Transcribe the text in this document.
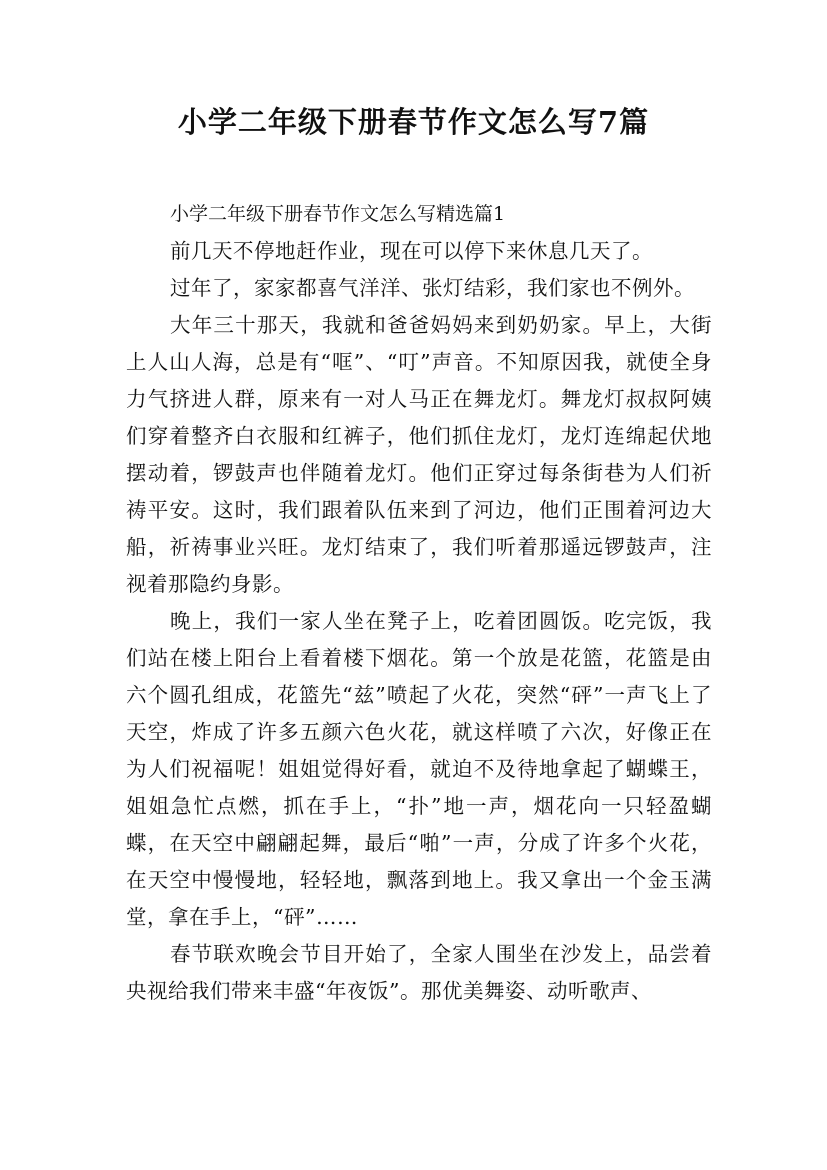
小学二年级下册春节作文怎么写7篇

小学二年级下册春节作文怎么写精选篇1

前几天不停地赶作业，现在可以停下来休息几天了。

过年了，家家都喜气洋洋、张灯结彩，我们家也不例外。

大年三十那天，我就和爸爸妈妈来到奶奶家。早上，大街上人山人海，总是有“哐”、“叮”声音。不知原因我，就使全身力气挤进人群，原来有一对人马正在舞龙灯。舞龙灯叔叔阿姨们穿着整齐白衣服和红裤子，他们抓住龙灯，龙灯连绵起伏地摆动着，锣鼓声也伴随着龙灯。他们正穿过每条街巷为人们祈祷平安。这时，我们跟着队伍来到了河边，他们正围着河边大船，祈祷事业兴旺。龙灯结束了，我们听着那遥远锣鼓声，注视着那隐约身影。

晚上，我们一家人坐在凳子上，吃着团圆饭。吃完饭，我们站在楼上阳台上看着楼下烟花。第一个放是花篮，花篮是由六个圆孔组成，花篮先“兹”喷起了火花，突然“砰”一声飞上了天空，炸成了许多五颜六色火花，就这样喷了六次，好像正在为人们祝福呢！姐姐觉得好看，就迫不及待地拿起了蝴蝶王，姐姐急忙点燃，抓在手上，“扑”地一声，烟花向一只轻盈蝴蝶，在天空中翩翩起舞，最后“啪”一声，分成了许多个火花，在天空中慢慢地，轻轻地，飘落到地上。我又拿出一个金玉满堂，拿在手上，“砰”……

春节联欢晚会节目开始了，全家人围坐在沙发上，品尝着央视给我们带来丰盛“年夜饭”。那优美舞姿、动听歌声、
